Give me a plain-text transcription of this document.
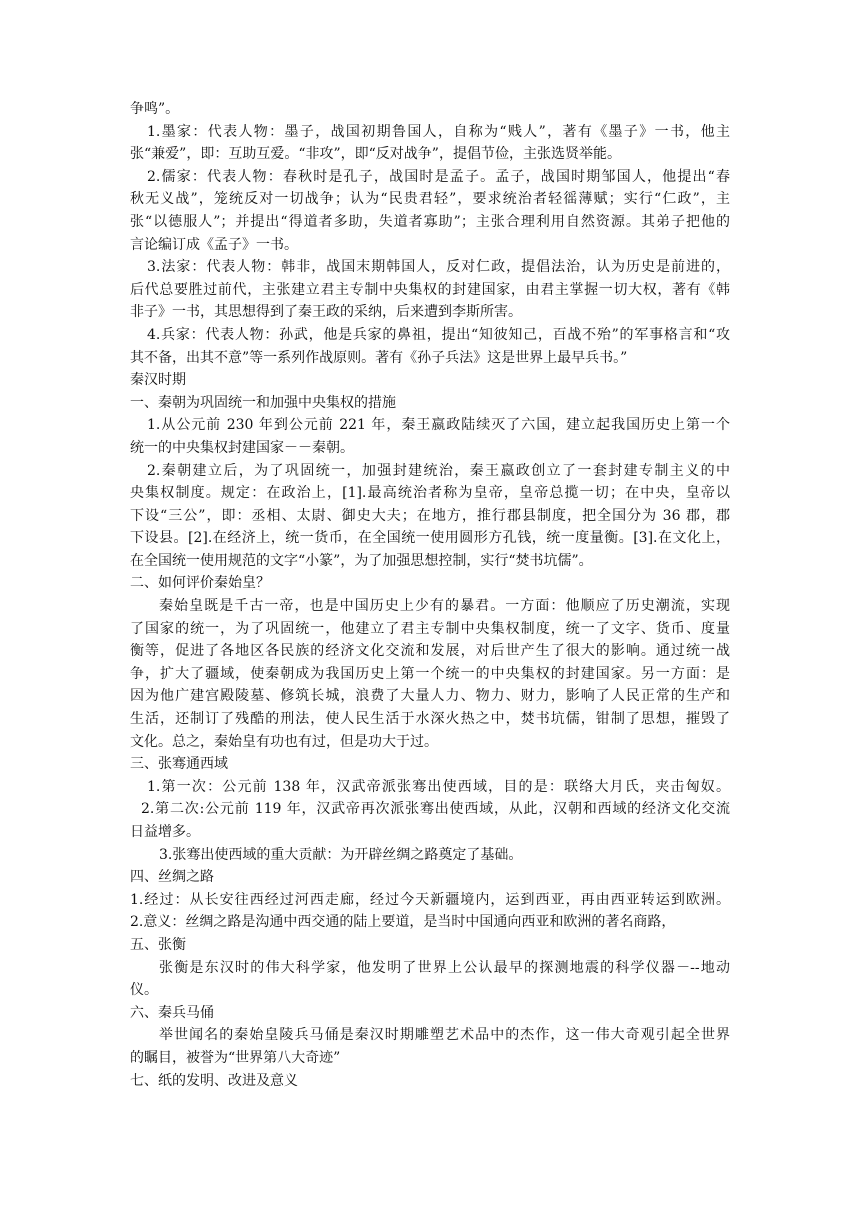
争鸣”。
1.墨家：代表人物：墨子，战国初期鲁国人，自称为“贱人”，著有《墨子》一书，他主
张“兼爱”，即：互助互爱。“非攻”，即“反对战争”，提倡节俭，主张选贤举能。
2.儒家：代表人物：春秋时是孔子，战国时是孟子。孟子，战国时期邹国人，他提出“春
秋无义战”，笼统反对一切战争；认为“民贵君轻”，要求统治者轻徭薄赋；实行“仁政”，主
张“以德服人”；并提出“得道者多助，失道者寡助”；主张合理利用自然资源。其弟子把他的
言论编订成《孟子》一书。
3.法家：代表人物：韩非，战国末期韩国人，反对仁政，提倡法治，认为历史是前进的，
后代总要胜过前代，主张建立君主专制中央集权的封建国家，由君主掌握一切大权，著有《韩
非子》一书，其思想得到了秦王政的采纳，后来遭到李斯所害。
4.兵家：代表人物：孙武，他是兵家的鼻祖，提出“知彼知己，百战不殆”的军事格言和“攻
其不备，出其不意”等一系列作战原则。著有《孙子兵法》这是世界上最早兵书。”
秦汉时期
一、秦朝为巩固统一和加强中央集权的措施
1.从公元前 230 年到公元前 221 年，秦王嬴政陆续灭了六国，建立起我国历史上第一个
统一的中央集权封建国家－－秦朝。
2.秦朝建立后，为了巩固统一，加强封建统治，秦王嬴政创立了一套封建专制主义的中
央集权制度。规定：在政治上，[1].最高统治者称为皇帝，皇帝总揽一切；在中央，皇帝以
下设“三公”，即：丞相、太尉、御史大夫；在地方，推行郡县制度，把全国分为 36 郡，郡
下设县。[2].在经济上，统一货币，在全国统一使用圆形方孔钱，统一度量衡。[3].在文化上，
在全国统一使用规范的文字“小篆”，为了加强思想控制，实行“焚书坑儒”。
二、如何评价秦始皇？
秦始皇既是千古一帝，也是中国历史上少有的暴君。一方面：他顺应了历史潮流，实现
了国家的统一，为了巩固统一，他建立了君主专制中央集权制度，统一了文字、货币、度量
衡等，促进了各地区各民族的经济文化交流和发展，对后世产生了很大的影响。通过统一战
争，扩大了疆域，使秦朝成为我国历史上第一个统一的中央集权的封建国家。另一方面：是
因为他广建宫殿陵墓、修筑长城，浪费了大量人力、物力、财力，影响了人民正常的生产和
生活，还制订了残酷的刑法，使人民生活于水深火热之中，焚书坑儒，钳制了思想，摧毁了
文化。总之，秦始皇有功也有过，但是功大于过。
三、张骞通西域
1.第一次：公元前 138 年，汉武帝派张骞出使西域，目的是：联络大月氏，夹击匈奴。
2.第二次:公元前 119 年，汉武帝再次派张骞出使西域，从此，汉朝和西域的经济文化交流
日益增多。
3.张骞出使西域的重大贡献：为开辟丝绸之路奠定了基础。
四、丝绸之路
1.经过：从长安往西经过河西走廊，经过今天新疆境内，运到西亚，再由西亚转运到欧洲。
2.意义：丝绸之路是沟通中西交通的陆上要道，是当时中国通向西亚和欧洲的著名商路，
五、张衡
张衡是东汉时的伟大科学家，他发明了世界上公认最早的探测地震的科学仪器－--地动
仪。
六、秦兵马俑
举世闻名的秦始皇陵兵马俑是秦汉时期雕塑艺术品中的杰作，这一伟大奇观引起全世界
的瞩目，被誉为“世界第八大奇迹”
七、纸的发明、改进及意义
